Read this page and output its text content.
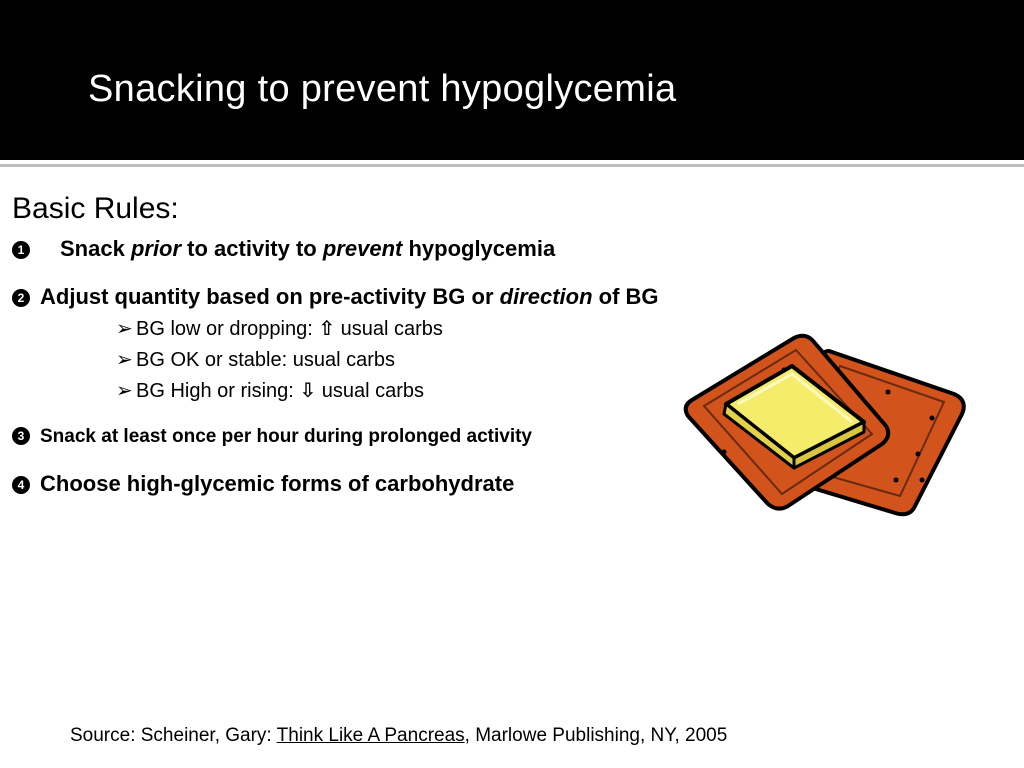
Snacking to prevent hypoglycemia
Basic Rules:
1 Snack prior to activity to prevent hypoglycemia
2 Adjust quantity based on pre-activity BG or direction of BG
➢ BG low or dropping: ⇧ usual carbs
➢ BG OK or stable: usual carbs
➢ BG High or rising: ⇩ usual carbs
3 Snack at least once per hour during prolonged activity
4 Choose high-glycemic forms of carbohydrate
Source: Scheiner, Gary: Think Like A Pancreas, Marlowe Publishing, NY, 2005
